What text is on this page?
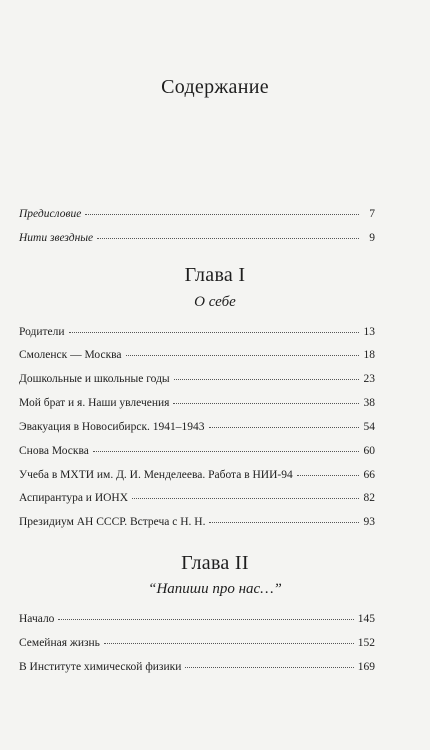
Содержание
Предисловие	7
Нити звездные	9
Глава I
О себе
Родители	13
Смоленск — Москва	18
Дошкольные и школьные годы	23
Мой брат и я. Наши увлечения	38
Эвакуация в Новосибирск. 1941–1943	54
Снова Москва	60
Учеба в МХТИ им. Д. И. Менделеева. Работа в НИИ-94	66
Аспирантура и ИОНХ	82
Президиум АН СССР. Встреча с Н. Н.	93
Глава II
“Напиши про нас…”
Начало	145
Семейная жизнь	152
В Институте химической физики	169
